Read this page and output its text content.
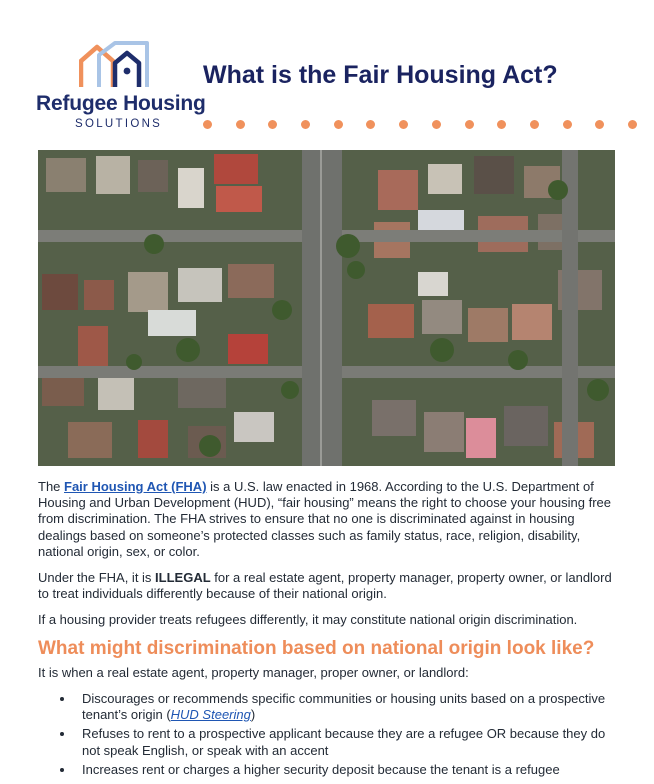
Refugee Housing
SOLUTIONS
What is the Fair Housing Act?

The Fair Housing Act (FHA) is a U.S. law enacted in 1968. According to the U.S. Department of Housing and Urban Development (HUD), “fair housing” means the right to choose your housing free from discrimination. The FHA strives to ensure that no one is discriminated against in housing dealings based on someone’s protected classes such as family status, race, religion, disability, national origin, sex, or color.

Under the FHA, it is ILLEGAL for a real estate agent, property manager, property owner, or landlord to treat individuals differently because of their national origin.

If a housing provider treats refugees differently, it may constitute national origin discrimination.

What might discrimination based on national origin look like?

It is when a real estate agent, property manager, proper owner, or landlord:

• Discourages or recommends specific communities or housing units based on a prospective tenant’s origin (HUD Steering)
• Refuses to rent to a prospective applicant because they are a refugee OR because they do not speak English, or speak with an accent
• Increases rent or charges a higher security deposit because the tenant is a refugee
